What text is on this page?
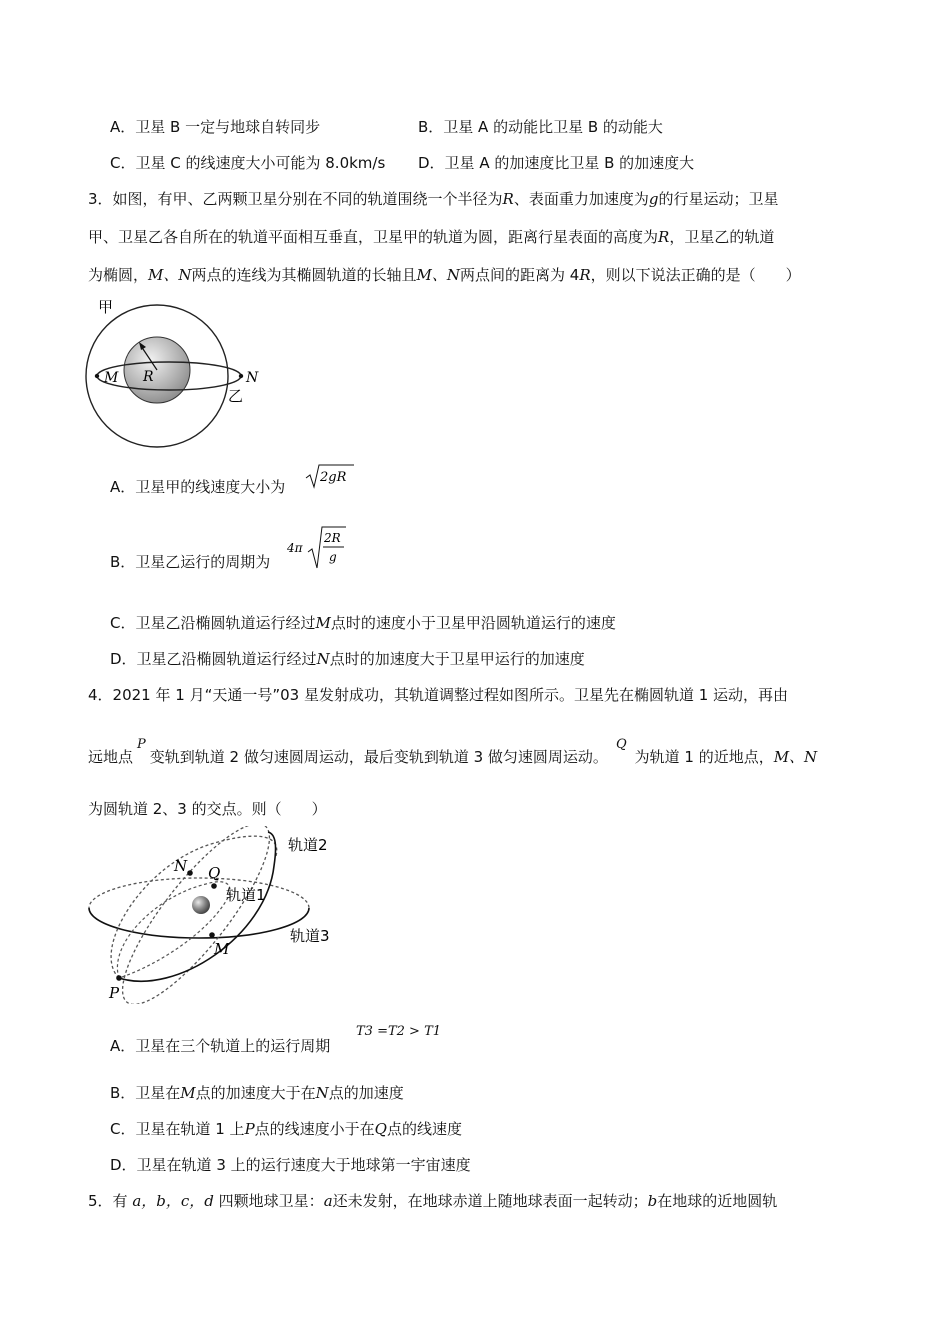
A．卫星 B 一定与地球自转同步	B．卫星 A 的动能比卫星 B 的动能大
C．卫星 C 的线速度大小可能为 8.0km/s D．卫星 A 的加速度比卫星 B 的加速度大
3．如图，有甲、乙两颗卫星分别在不同的轨道围绕一个半径为R、表面重力加速度为g的行星运动；卫星
甲、卫星乙各自所在的轨道平面相互垂直，卫星甲的轨道为圆，距离行星表面的高度为R，卫星乙的轨道
为椭圆，M、N两点的连线为其椭圆轨道的长轴且M、N两点间的距离为 4R，则以下说法正确的是（　　）
甲
M R	N
乙
A．卫星甲的线速度大小为
2gR
B．卫星乙运行的周期为
4π
2R
g
C．卫星乙沿椭圆轨道运行经过M点时的速度小于卫星甲沿圆轨道运行的速度
D．卫星乙沿椭圆轨道运行经过N点时的加速度大于卫星甲运行的加速度
4．2021 年 1 月“天通一号”03 星发射成功，其轨道调整过程如图所示。卫星先在椭圆轨道 1 运动，再由
远地点P变轨到轨道 2 做匀速圆周运动，最后变轨到轨道 3 做匀速圆周运动。Q为轨道 1 的近地点，M、N
为圆轨道 2、3 的交点。则（　　）
轨道2
轨道1
轨道3
N Q
M
P
A．卫星在三个轨道上的运行周期
T3 =T2 > T1
B．卫星在M点的加速度大于在N点的加速度
C．卫星在轨道 1 上P点的线速度小于在Q点的线速度
D．卫星在轨道 3 上的运行速度大于地球第一宇宙速度
5．有 a，b，c，d 四颗地球卫星：a还未发射，在地球赤道上随地球表面一起转动；b在地球的近地圆轨
